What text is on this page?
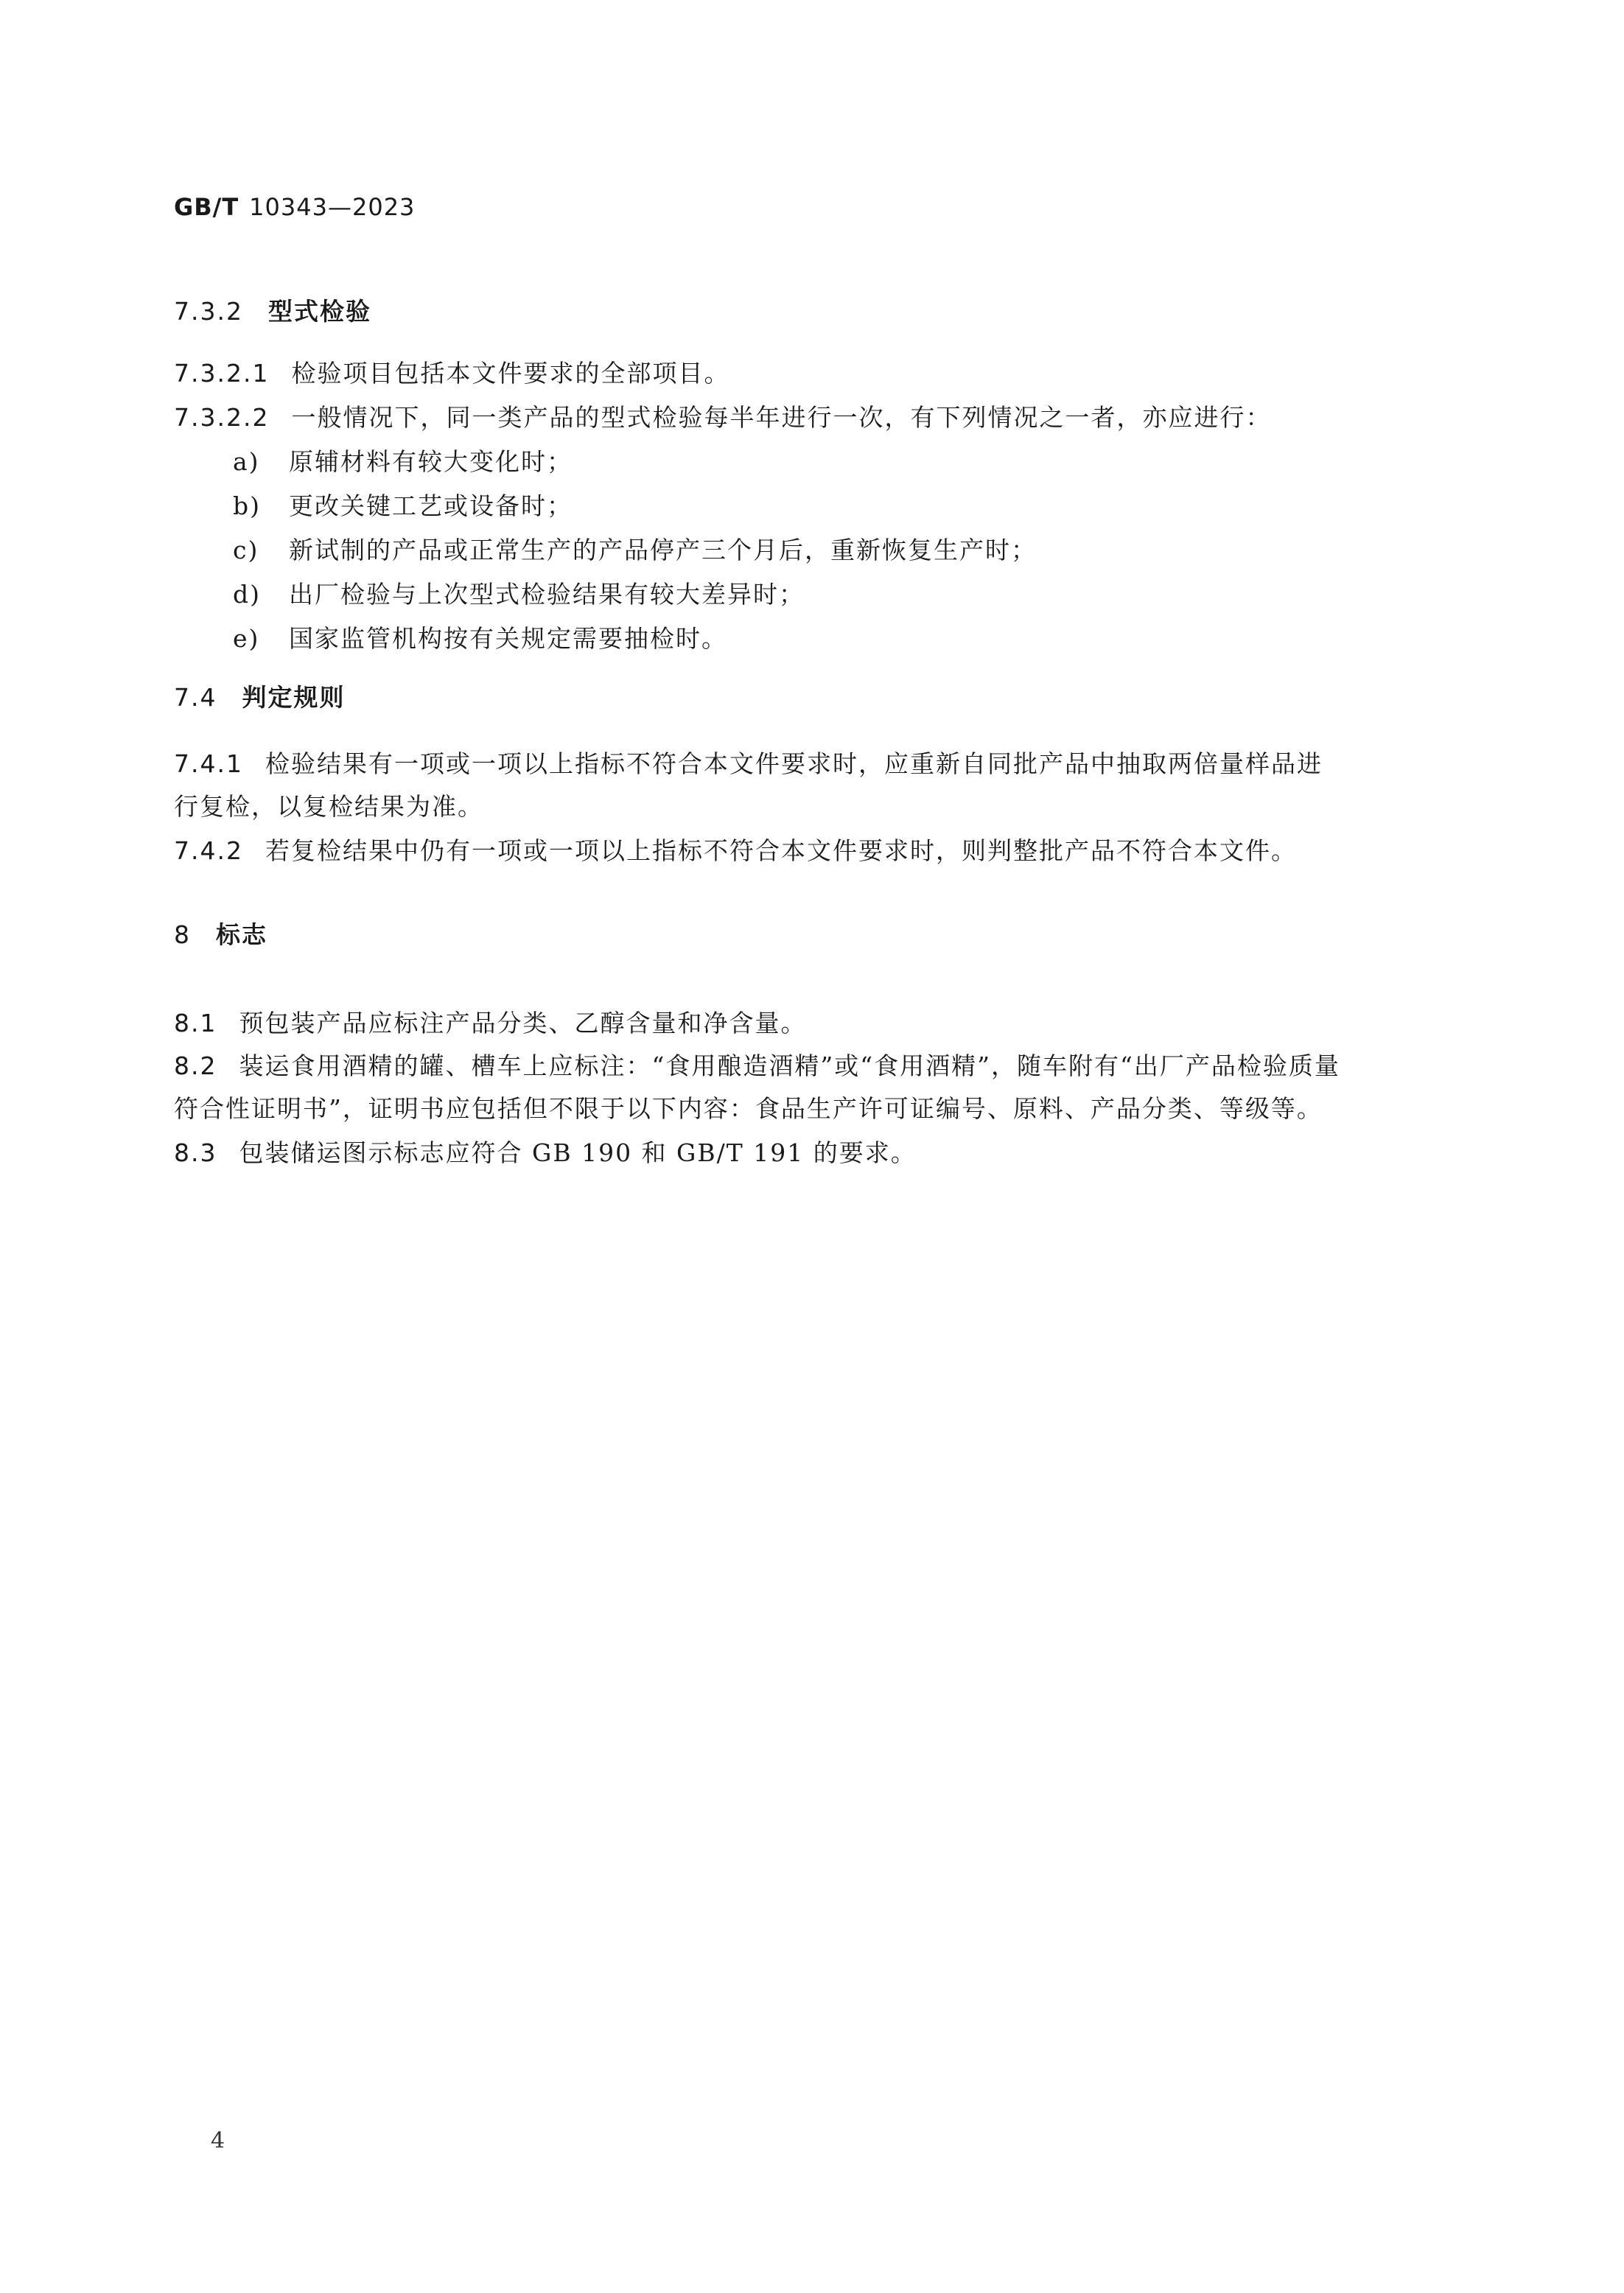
GB/T 10343—2023
7.3.2 型式检验
7.3.2.1 检验项目包括本文件要求的全部项目。
7.3.2.2 一般情况下，同一类产品的型式检验每半年进行一次，有下列情况之一者，亦应进行：
a) 原辅材料有较大变化时；
b) 更改关键工艺或设备时；
c) 新试制的产品或正常生产的产品停产三个月后，重新恢复生产时；
d) 出厂检验与上次型式检验结果有较大差异时；
e) 国家监管机构按有关规定需要抽检时。
7.4 判定规则
7.4.1 检验结果有一项或一项以上指标不符合本文件要求时，应重新自同批产品中抽取两倍量样品进
行复检，以复检结果为准。
7.4.2 若复检结果中仍有一项或一项以上指标不符合本文件要求时，则判整批产品不符合本文件。
8 标志
8.1 预包装产品应标注产品分类、乙醇含量和净含量。
8.2 装运食用酒精的罐、槽车上应标注：“食用酿造酒精”或“食用酒精”，随车附有“出厂产品检验质量
符合性证明书”，证明书应包括但不限于以下内容：食品生产许可证编号、原料、产品分类、等级等。
8.3 包装储运图示标志应符合 GB 190 和 GB/T 191 的要求。
4
